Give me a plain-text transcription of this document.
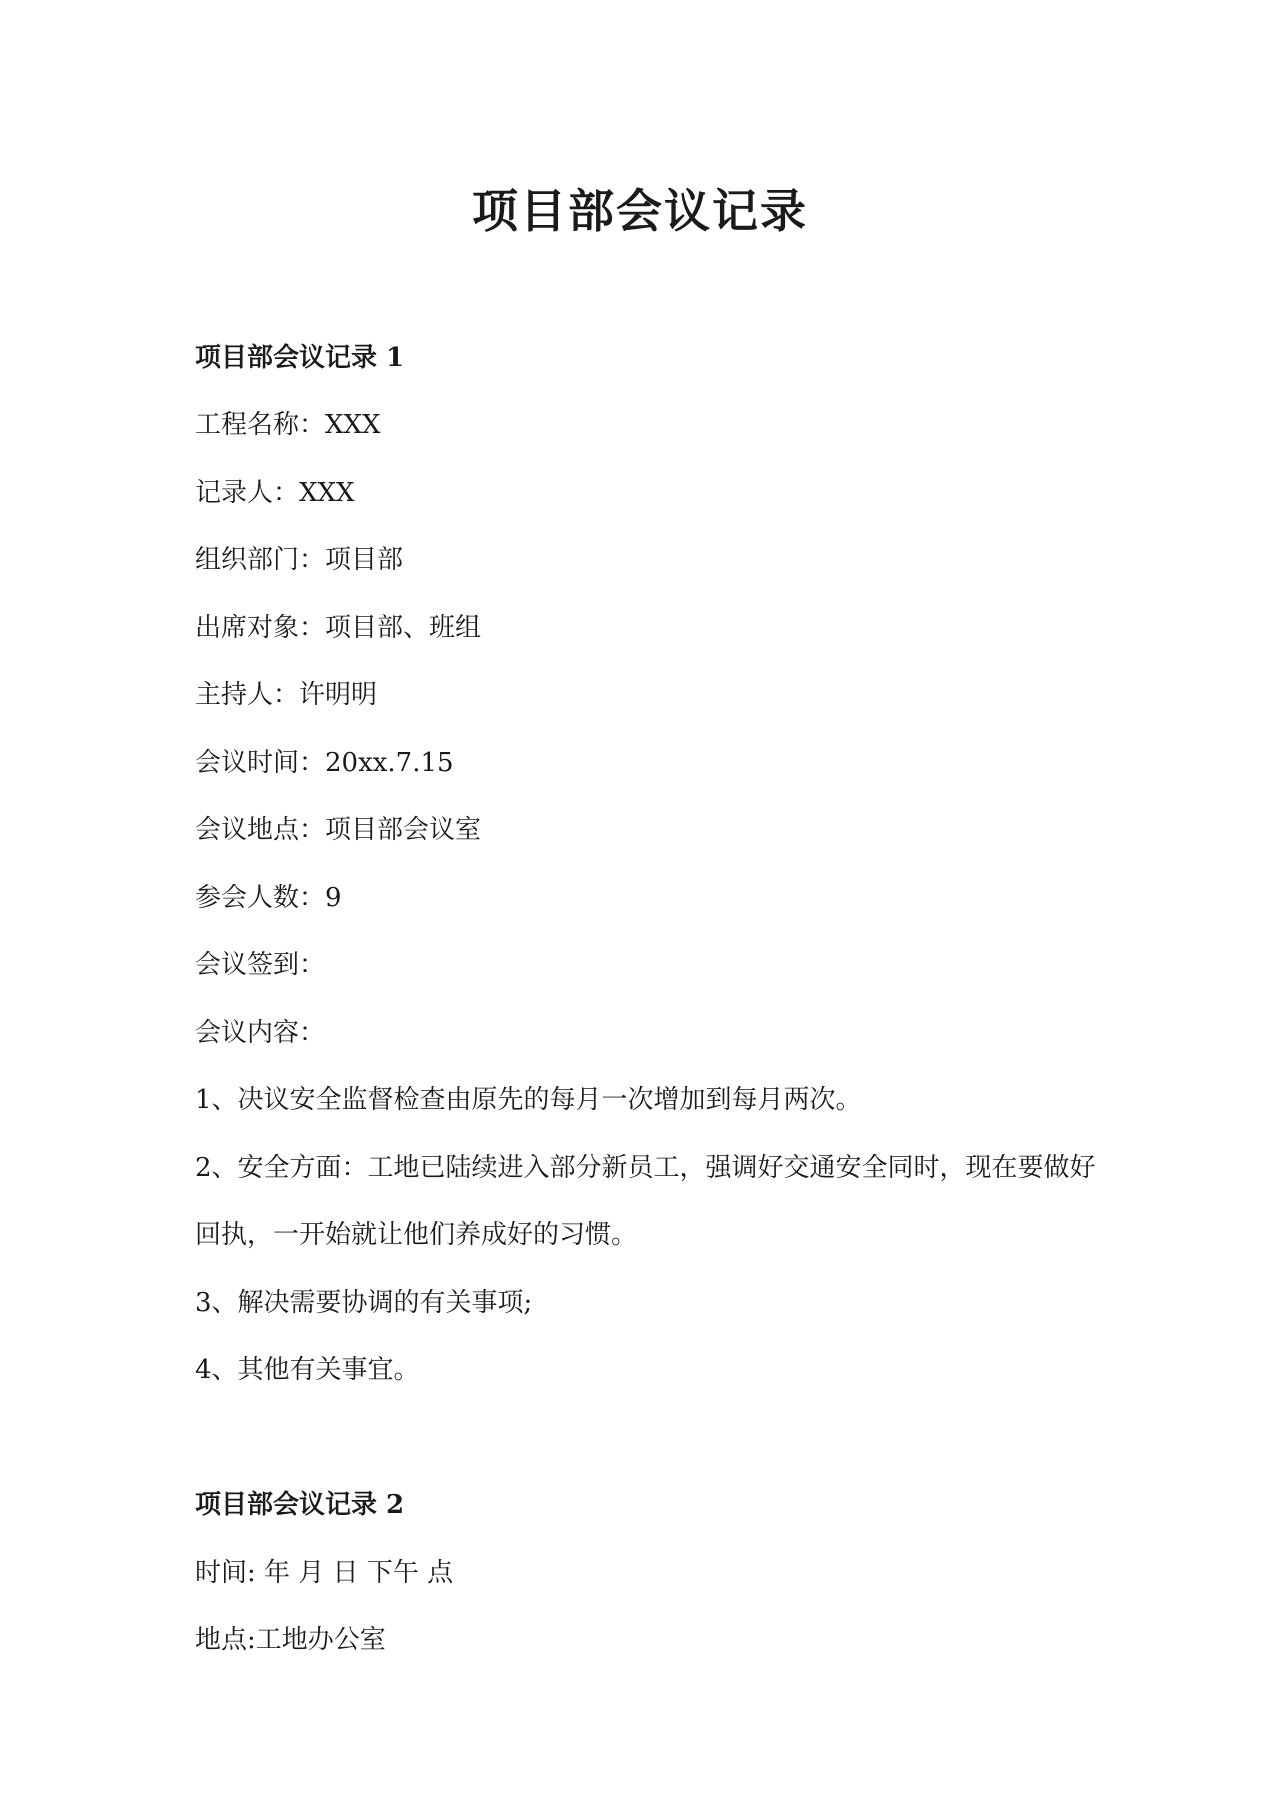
项目部会议记录

项目部会议记录 1

工程名称：XXX

记录人：XXX

组织部门：项目部

出席对象：项目部、班组

主持人：许明明

会议时间：20xx.7.15

会议地点：项目部会议室

参会人数：9

会议签到：

会议内容：

1、决议安全监督检查由原先的每月一次增加到每月两次。

2、安全方面：工地已陆续进入部分新员工，强调好交通安全同时，现在要做好

回执，一开始就让他们养成好的习惯。

3、解决需要协调的有关事项;

4、其他有关事宜。

项目部会议记录 2

时间: 年 月 日 下午 点

地点:工地办公室
